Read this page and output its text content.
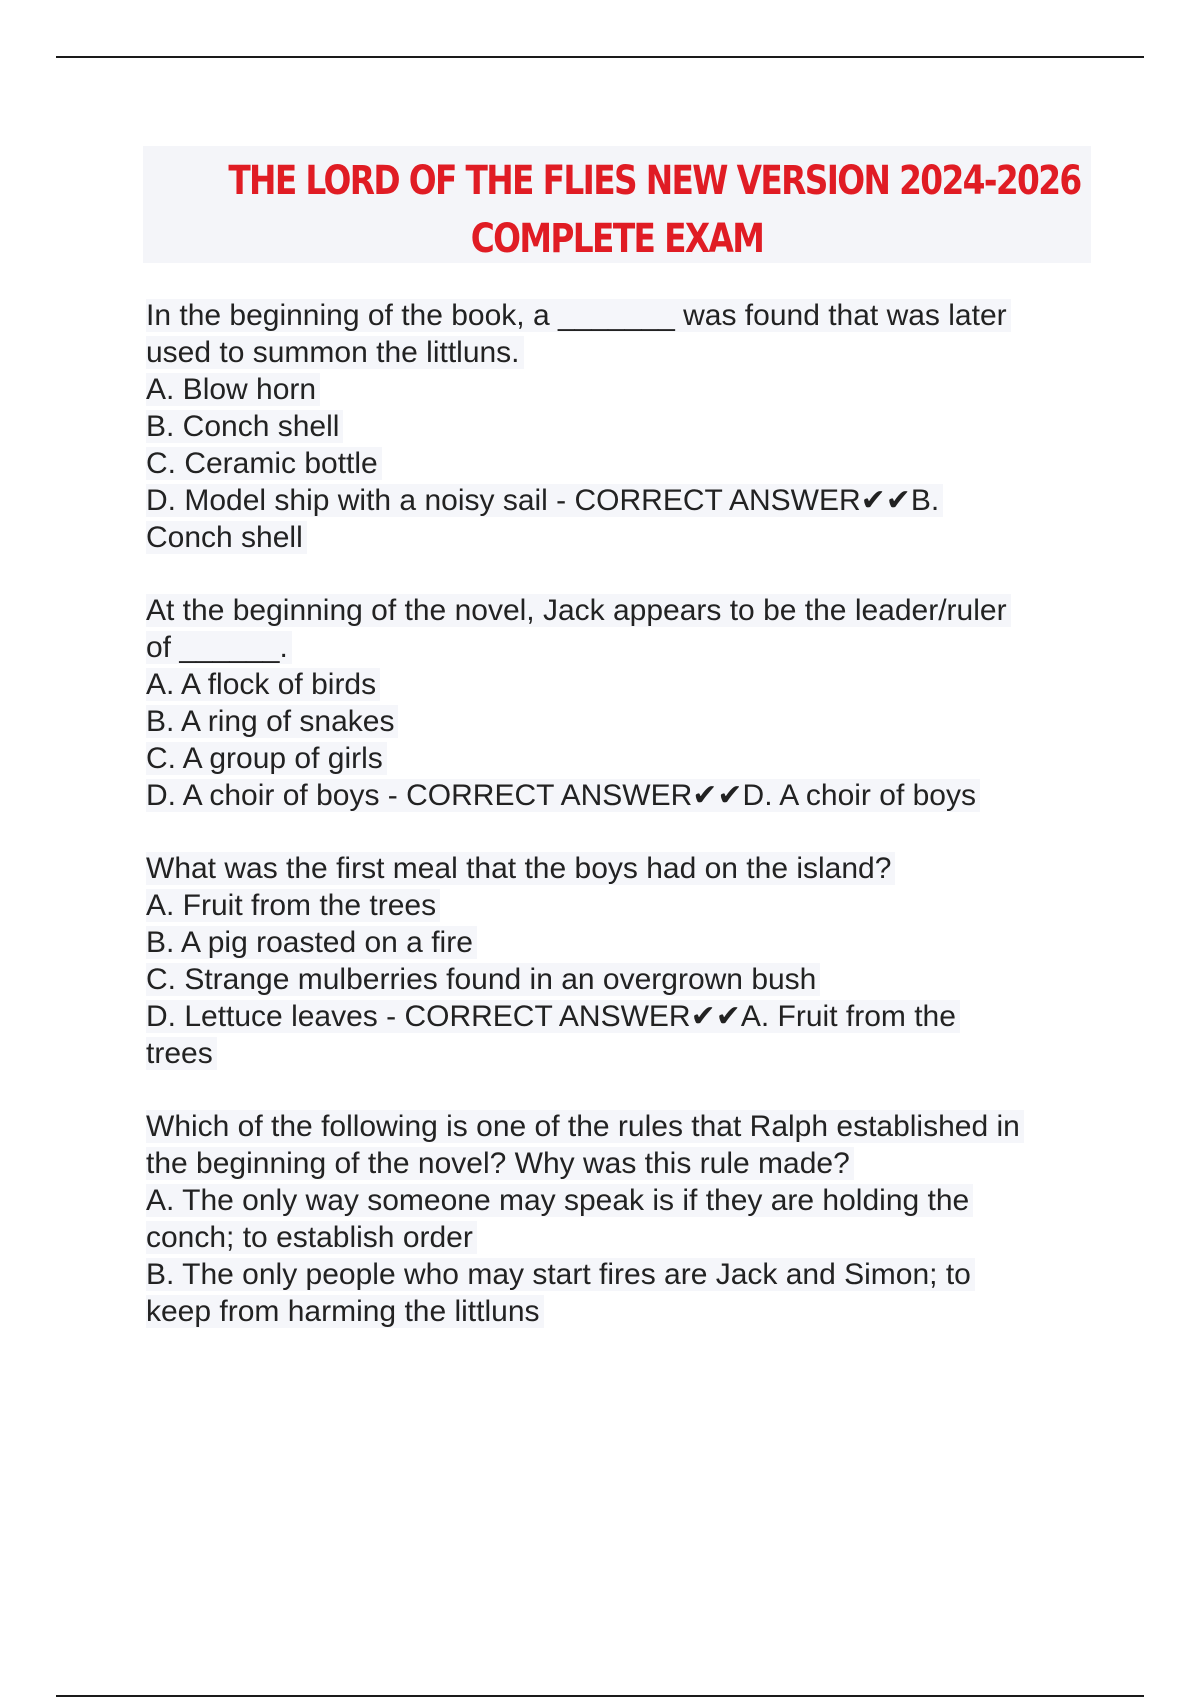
THE LORD OF THE FLIES NEW VERSION 2024-2026
COMPLETE EXAM
In the beginning of the book, a _______ was found that was later
used to summon the littluns.
A. Blow horn
B. Conch shell
C. Ceramic bottle
D. Model ship with a noisy sail - CORRECT ANSWER✔✔B.
Conch shell
At the beginning of the novel, Jack appears to be the leader/ruler
of ______.
A. A flock of birds
B. A ring of snakes
C. A group of girls
D. A choir of boys - CORRECT ANSWER✔✔D. A choir of boys
What was the first meal that the boys had on the island?
A. Fruit from the trees
B. A pig roasted on a fire
C. Strange mulberries found in an overgrown bush
D. Lettuce leaves - CORRECT ANSWER✔✔A. Fruit from the
trees
Which of the following is one of the rules that Ralph established in
the beginning of the novel? Why was this rule made?
A. The only way someone may speak is if they are holding the
conch; to establish order
B. The only people who may start fires are Jack and Simon; to
keep from harming the littluns
